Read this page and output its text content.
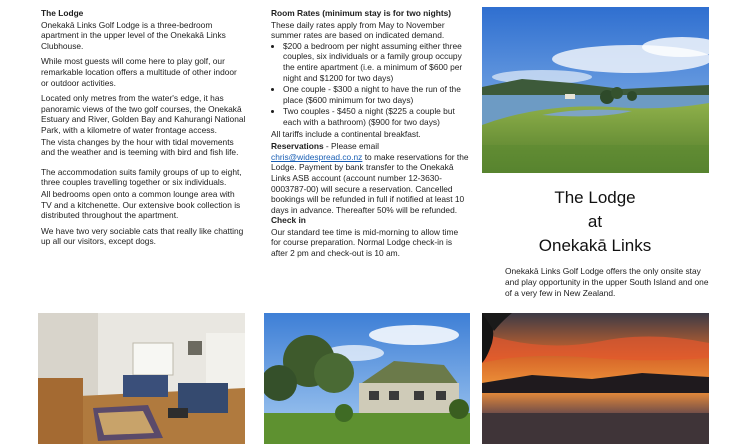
The Lodge

Onekakā Links Golf Lodge is a three-bedroom apartment in the upper level of the Onekakā Links Clubhouse.

While most guests will come here to play golf, our remarkable location offers a multitude of other indoor or outdoor activities.

Located only metres from the water's edge, it has panoramic views of the two golf courses, the Onekakā Estuary and River, Golden Bay and Kahurangi National Park, with a kilometre of water frontage access.

The vista changes by the hour with tidal movements and the weather and is teeming with bird and fish life.

The accommodation suits family groups of up to eight, three couples travelling together or six individuals.

All bedrooms open onto a common lounge area with TV and a kitchenette. Our extensive book collection is distributed throughout the apartment.

We have two very sociable cats that really like chatting up all our visitors, except dogs.

Room Rates (minimum stay is for two nights)
These daily rates apply from May to November summer rates are based on indicated demand.
• $200 a bedroom per night assuming either three couples, six individuals or a family group occupy the entire apartment (i.e. a minimum of $600 per night and $1200 for two days)
• One couple - $300 a night to have the run of the place ($600 minimum for two days)
• Two couples - $450 a night ($225 a couple but each with a bathroom) ($900 for two days)
All tariffs include a continental breakfast.
Reservations - Please email
chris@widespread.co.nz to make reservations for the Lodge. Payment by bank transfer to the Onekakā Links ASB account (account number 12-3630-0003787-00) will secure a reservation. Cancelled bookings will be refunded in full if notified at least 10 days in advance. Thereafter 50% will be refunded.
Check in
Our standard tee time is mid-morning to allow time for course preparation. Normal Lodge check-in is after 2 pm and check-out is 10 am.
The Lodge
at
Onekakā Links
Onekakā Links Golf Lodge offers the only onsite stay and play opportunity in the upper South Island and one of a very few in New Zealand.
